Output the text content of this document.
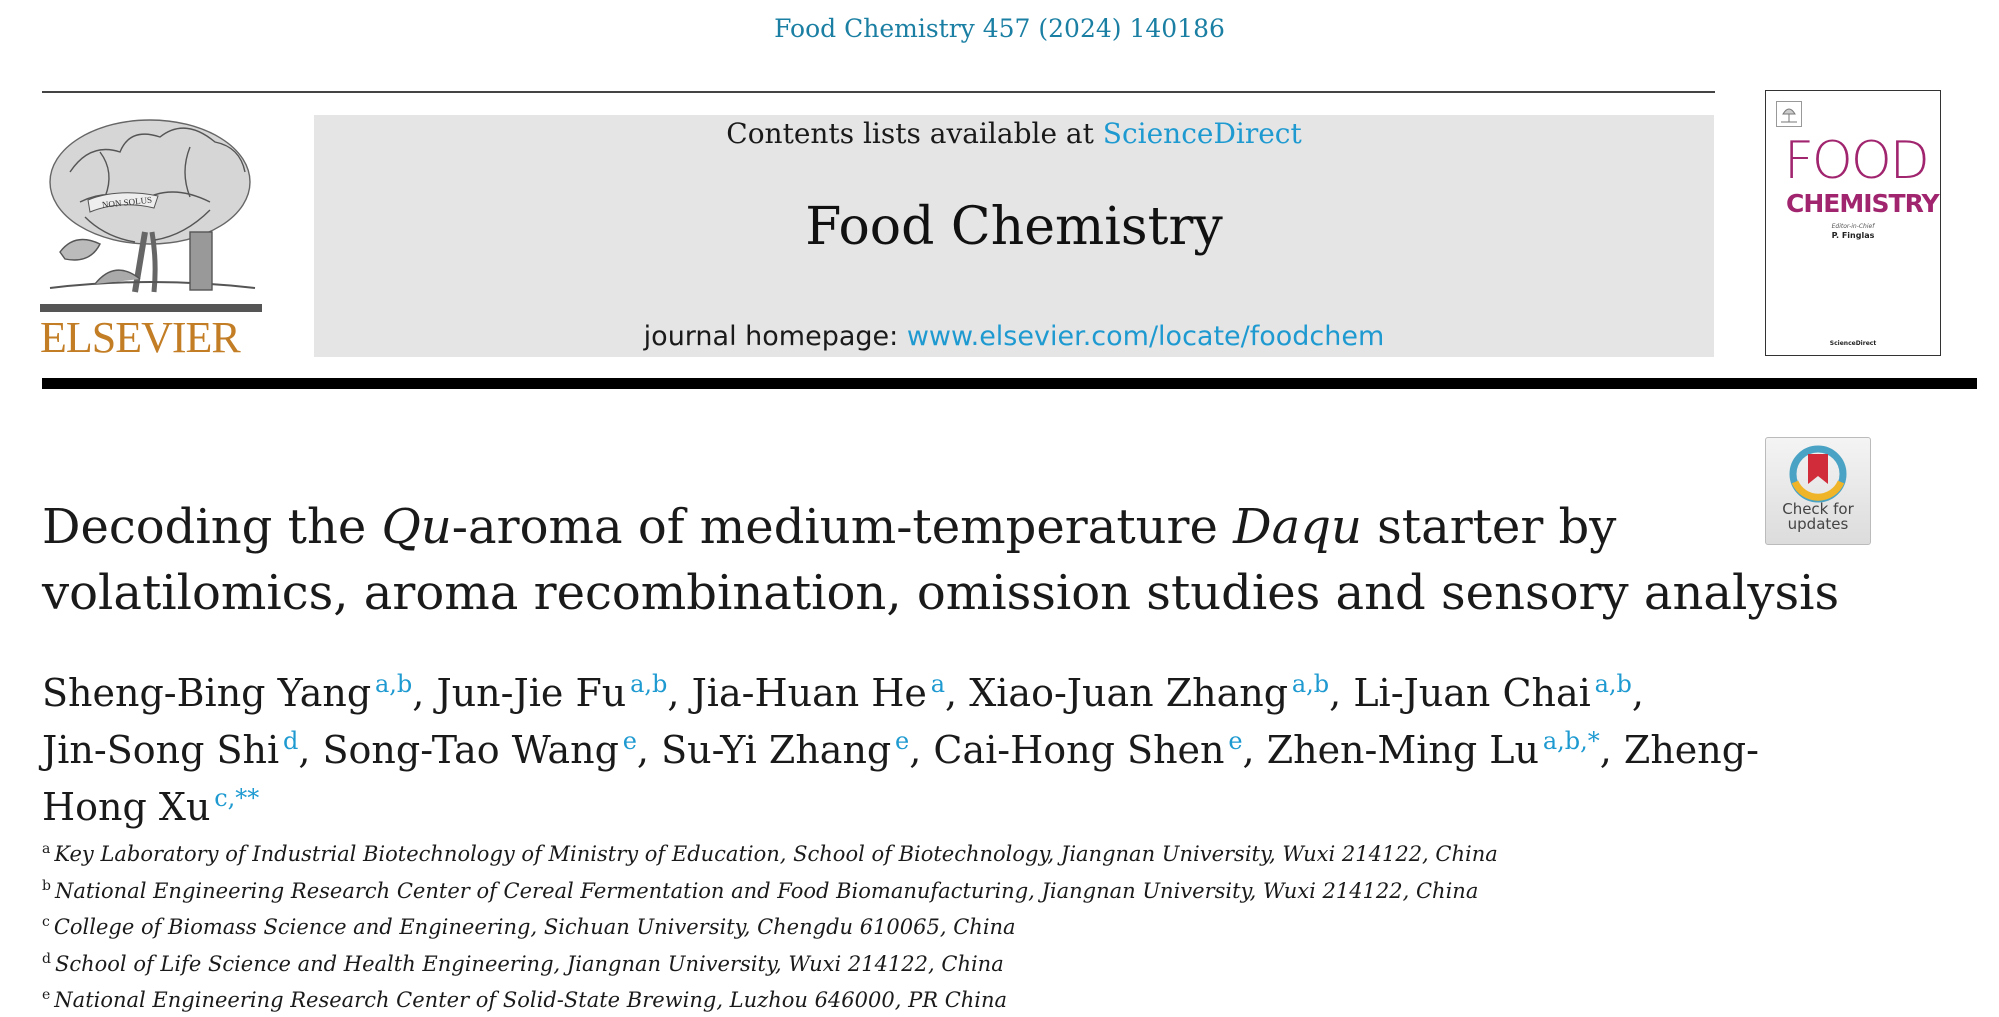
Food Chemistry 457 (2024) 140186
NON SOLUS
ELSEVIER
Contents lists available at ScienceDirect
Food Chemistry
journal homepage: www.elsevier.com/locate/foodchem
FOOD
CHEMISTRY
Editor-in-Chief
P. Finglas
ScienceDirect
Check for
updates
Decoding the Qu-aroma of medium-temperature Daqu starter by
volatilomics, aroma recombination, omission studies and sensory analysis
Sheng-Bing Yang  $^{a,b}$, Jun-Jie Fu  $^{a,b}$, Jia-Huan He  $^a$, Xiao-Juan Zhang  $^{a,b}$, Li-Juan Chai  $^{a,b}$,
Jin-Song Shi  $^d$, Song-Tao Wang  $^e$, Su-Yi Zhang  $^e$, Cai-Hong Shen  $^e$, Zhen-Ming Lu  $^{a,b,*}$, Zheng-
Hong Xu  $^{c,**}$
$^a$ Key Laboratory of Industrial Biotechnology of Ministry of Education, School of Biotechnology, Jiangnan University, Wuxi 214122, China
$^b$ National Engineering Research Center of Cereal Fermentation and Food Biomanufacturing, Jiangnan University, Wuxi 214122, China
$^c$ College of Biomass Science and Engineering, Sichuan University, Chengdu 610065, China
$^d$ School of Life Science and Health Engineering, Jiangnan University, Wuxi 214122, China
$^e$ National Engineering Research Center of Solid-State Brewing, Luzhou 646000, PR China
